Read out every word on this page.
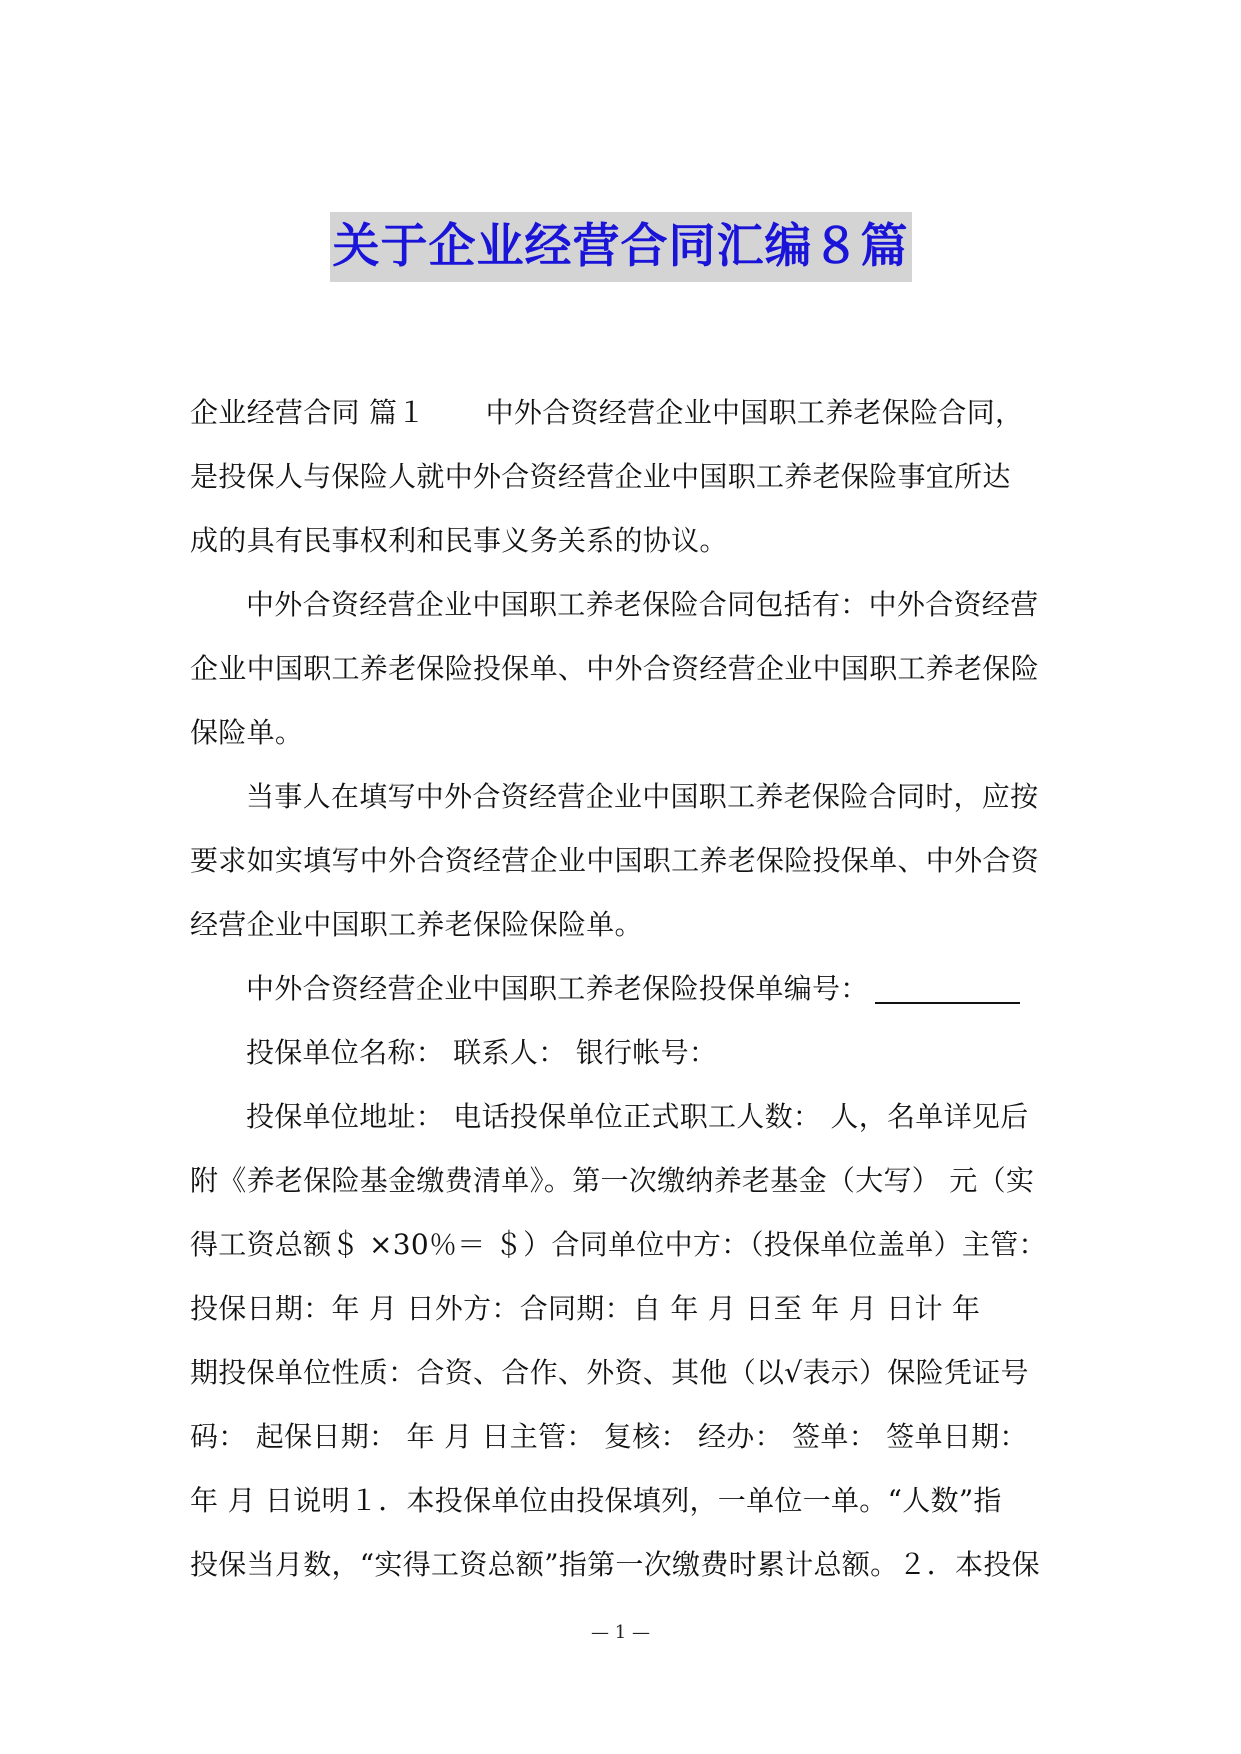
关于企业经营合同汇编８篇
企业经营合同 篇１ 中外合资经营企业中国职工养老保险合同，
是投保人与保险人就中外合资经营企业中国职工养老保险事宜所达
成的具有民事权利和民事义务关系的协议。
中外合资经营企业中国职工养老保险合同包括有：中外合资经营
企业中国职工养老保险投保单、中外合资经营企业中国职工养老保险
保险单。
当事人在填写中外合资经营企业中国职工养老保险合同时，应按
要求如实填写中外合资经营企业中国职工养老保险投保单、中外合资
经营企业中国职工养老保险保险单。
中外合资经营企业中国职工养老保险投保单编号：
投保单位名称： 联系人： 银行帐号：
投保单位地址： 电话投保单位正式职工人数： 人，名单详见后
附《养老保险基金缴费清单》。第一次缴纳养老基金（大写） 元（实
得工资总额＄ ×30％＝ ＄）合同单位中方：（投保单位盖单）主管：
投保日期：年 月 日外方：合同期：自 年 月 日至 年 月 日计 年
期投保单位性质：合资、合作、外资、其他（以√表示）保险凭证号
码： 起保日期： 年 月 日主管： 复核： 经办： 签单： 签单日期：
年 月 日说明１．本投保单位由投保填列，一单位一单。“人数”指
投保当月数，“实得工资总额”指第一次缴费时累计总额。２．本投保
— 1 —
